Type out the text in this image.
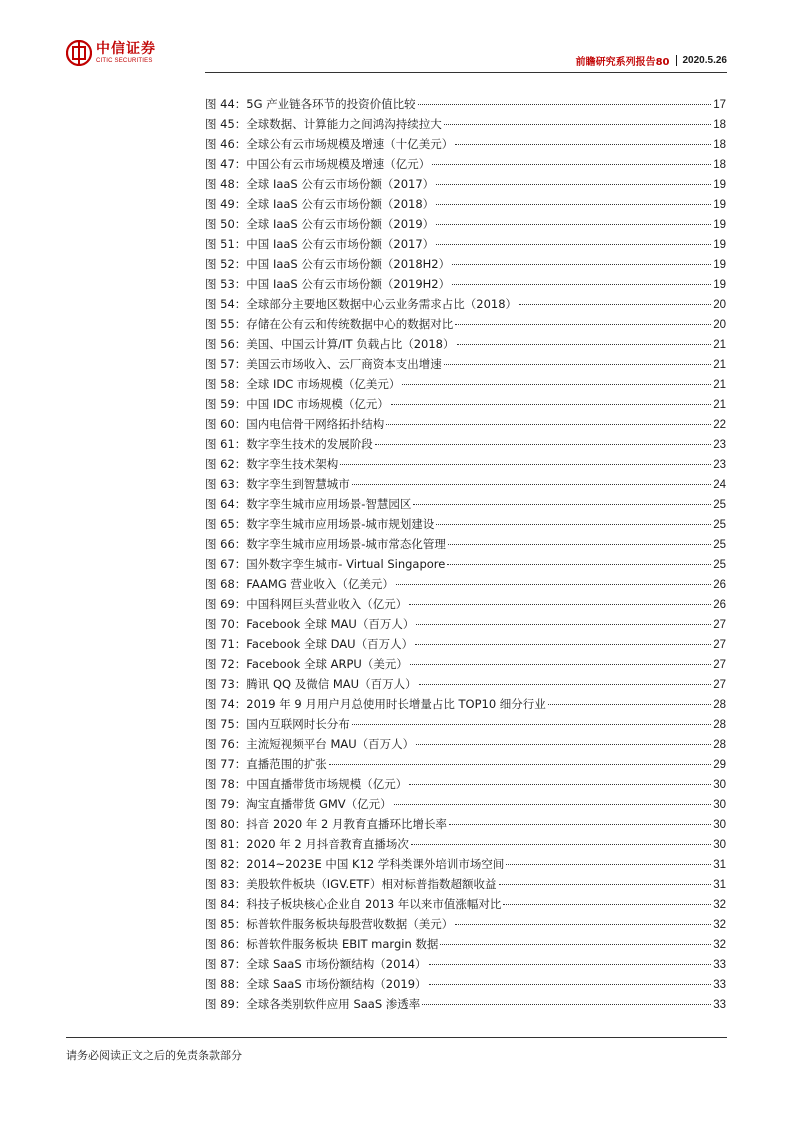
中信证券
CITIC SECURITIES	前瞻研究系列报告80 2020.5.26
图 44：5G 产业链各环节的投资价值比较	17
图 45：全球数据、计算能力之间鸿沟持续拉大	18
图 46：全球公有云市场规模及增速（十亿美元）	18
图 47：中国公有云市场规模及增速（亿元）	18
图 48：全球 IaaS 公有云市场份额（2017）	19
图 49：全球 IaaS 公有云市场份额（2018）	19
图 50：全球 IaaS 公有云市场份额（2019）	19
图 51：中国 IaaS 公有云市场份额（2017）	19
图 52：中国 IaaS 公有云市场份额（2018H2）	19
图 53：中国 IaaS 公有云市场份额（2019H2）	19
图 54：全球部分主要地区数据中心云业务需求占比（2018）	20
图 55：存储在公有云和传统数据中心的数据对比	20
图 56：美国、中国云计算/IT 负载占比（2018）	21
图 57：美国云市场收入、云厂商资本支出增速	21
图 58：全球 IDC 市场规模（亿美元）	21
图 59：中国 IDC 市场规模（亿元）	21
图 60：国内电信骨干网络拓扑结构	22
图 61：数字孪生技术的发展阶段	23
图 62：数字孪生技术架构	23
图 63：数字孪生到智慧城市	24
图 64：数字孪生城市应用场景-智慧园区	25
图 65：数字孪生城市应用场景-城市规划建设	25
图 66：数字孪生城市应用场景-城市常态化管理	25
图 67：国外数字孪生城市- Virtual Singapore	25
图 68：FAAMG 营业收入（亿美元）	26
图 69：中国科网巨头营业收入（亿元）	26
图 70：Facebook 全球 MAU（百万人）	27
图 71：Facebook 全球 DAU（百万人）	27
图 72：Facebook 全球 ARPU（美元）	27
图 73：腾讯 QQ 及微信 MAU（百万人）	27
图 74：2019 年 9 月用户月总使用时长增量占比 TOP10 细分行业	28
图 75：国内互联网时长分布	28
图 76：主流短视频平台 MAU（百万人）	28
图 77：直播范围的扩张	29
图 78：中国直播带货市场规模（亿元）	30
图 79：淘宝直播带货 GMV（亿元）	30
图 80：抖音 2020 年 2 月教育直播环比增长率	30
图 81：2020 年 2 月抖音教育直播场次	30
图 82：2014~2023E 中国 K12 学科类课外培训市场空间	31
图 83：美股软件板块（IGV.ETF）相对标普指数超额收益	31
图 84：科技子板块核心企业自 2013 年以来市值涨幅对比	32
图 85：标普软件服务板块每股营收数据（美元）	32
图 86：标普软件服务板块 EBIT margin 数据	32
图 87：全球 SaaS 市场份额结构（2014）	33
图 88：全球 SaaS 市场份额结构（2019）	33
图 89：全球各类别软件应用 SaaS 渗透率	33
请务必阅读正文之后的免责条款部分
